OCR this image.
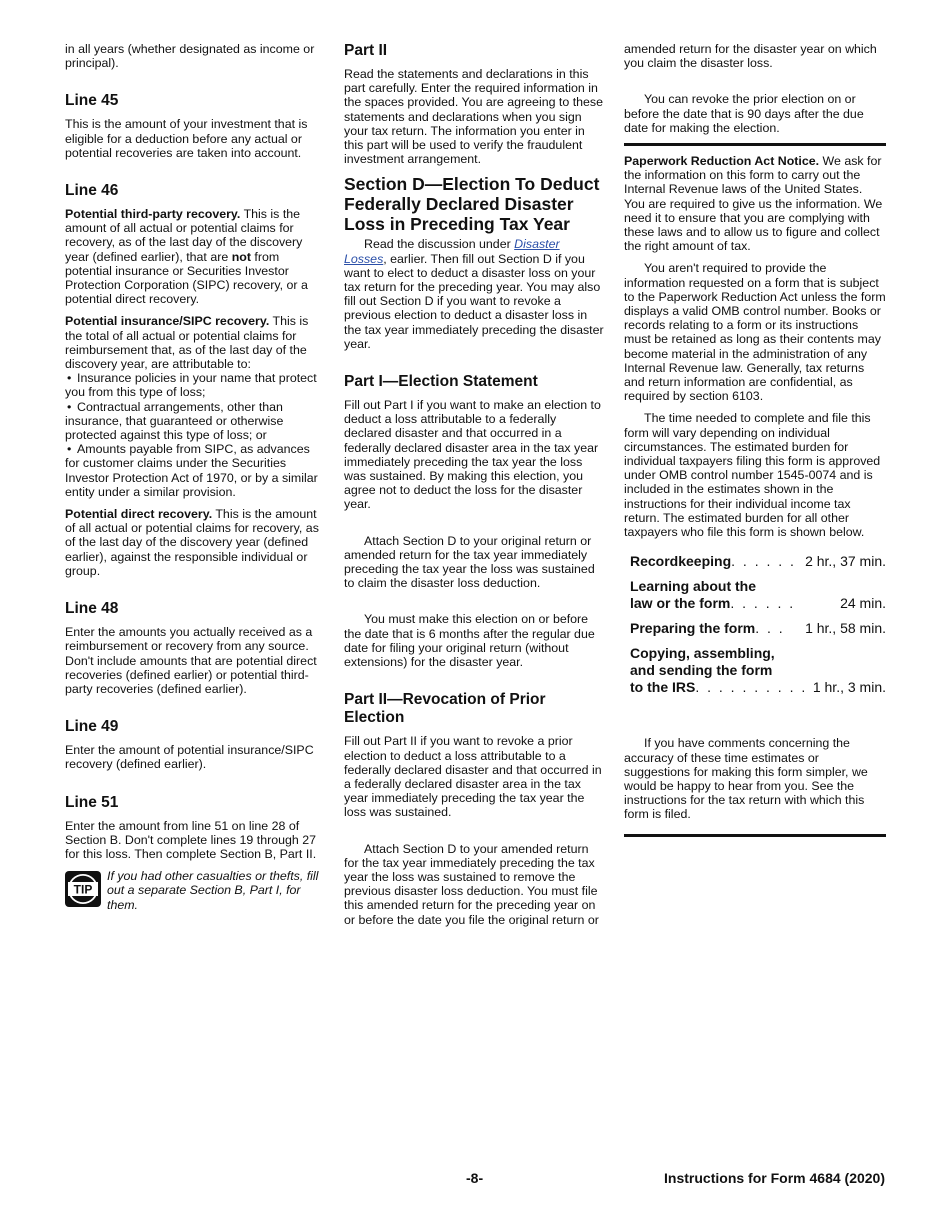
in all years (whether designated as income or principal).

Line 45

This is the amount of your investment that is eligible for a deduction before any actual or potential recoveries are taken into account.

Line 46

Potential third-party recovery. This is the amount of all actual or potential claims for recovery, as of the last day of the discovery year (defined earlier), that are not from potential insurance or Securities Investor Protection Corporation (SIPC) recovery, or a potential direct recovery.

Potential insurance/SIPC recovery. This is the total of all actual or potential claims for reimbursement that, as of the last day of the discovery year, are attributable to:

• Insurance policies in your name that protect you from this type of loss;
• Contractual arrangements, other than insurance, that guaranteed or otherwise protected against this type of loss; or
• Amounts payable from SIPC, as advances for customer claims under the Securities Investor Protection Act of 1970, or by a similar entity under a similar provision.

Potential direct recovery. This is the amount of all actual or potential claims for recovery, as of the last day of the discovery year (defined earlier), against the responsible individual or group.

Line 48

Enter the amounts you actually received as a reimbursement or recovery from any source. Don't include amounts that are potential direct recoveries (defined earlier) or potential third-party recoveries (defined earlier).

Line 49

Enter the amount of potential insurance/SIPC recovery (defined earlier).

Line 51

Enter the amount from line 51 on line 28 of Section B. Don't complete lines 19 through 27 for this loss. Then complete Section B, Part II.

TIP
If you had other casualties or thefts, fill out a separate Section B, Part I, for them.
Part II

Read the statements and declarations in this part carefully. Enter the required information in the spaces provided. You are agreeing to these statements and declarations when you sign your tax return. The information you enter in this part will be used to verify the fraudulent investment arrangement.

Section D—Election To Deduct Federally Declared Disaster Loss in Preceding Tax Year

Read the discussion under Disaster Losses, earlier. Then fill out Section D if you want to elect to deduct a disaster loss on your tax return for the preceding year. You may also fill out Section D if you want to revoke a previous election to deduct a disaster loss in the tax year immediately preceding the disaster year.

Part I—Election Statement

Fill out Part I if you want to make an election to deduct a loss attributable to a federally declared disaster and that occurred in a federally declared disaster area in the tax year immediately preceding the tax year the loss was sustained. By making this election, you agree not to deduct the loss for the disaster year.

Attach Section D to your original return or amended return for the tax year immediately preceding the tax year the loss was sustained to claim the disaster loss deduction.

You must make this election on or before the date that is 6 months after the regular due date for filing your original return (without extensions) for the disaster year.

Part II—Revocation of Prior Election

Fill out Part II if you want to revoke a prior election to deduct a loss attributable to a federally declared disaster and that occurred in a federally declared disaster area in the tax year immediately preceding the tax year the loss was sustained.

Attach Section D to your amended return for the tax year immediately preceding the tax year the loss was sustained to remove the previous disaster loss deduction. You must file this amended return for the preceding year on or before the date you file the original return or

amended return for the disaster year on which you claim the disaster loss.

You can revoke the prior election on or before the date that is 90 days after the due date for making the election.

Paperwork Reduction Act Notice. We ask for the information on this form to carry out the Internal Revenue laws of the United States. You are required to give us the information. We need it to ensure that you are complying with these laws and to allow us to figure and collect the right amount of tax.

You aren't required to provide the information requested on a form that is subject to the Paperwork Reduction Act unless the form displays a valid OMB control number. Books or records relating to a form or its instructions must be retained as long as their contents may become material in the administration of any Internal Revenue law. Generally, tax returns and return information are confidential, as required by section 6103.

The time needed to complete and file this form will vary depending on individual circumstances. The estimated burden for individual taxpayers filing this form is approved under OMB control number 1545-0074 and is included in the estimates shown in the instructions for their individual income tax return. The estimated burden for all other taxpayers who file this form is shown below.

Recordkeeping. . . . . . 2 hr., 37 min.
Learning about the
law or the form. . . . . .	24 min.
Preparing the form. . . 1 hr., 58 min.
Copying, assembling,
and sending the form
to the IRS. . . . . . . . . . 1 hr., 3 min.

If you have comments concerning the accuracy of these time estimates or suggestions for making this form simpler, we would be happy to hear from you. See the instructions for the tax return with which this form is filed.

-8-	Instructions for Form 4684 (2020)
